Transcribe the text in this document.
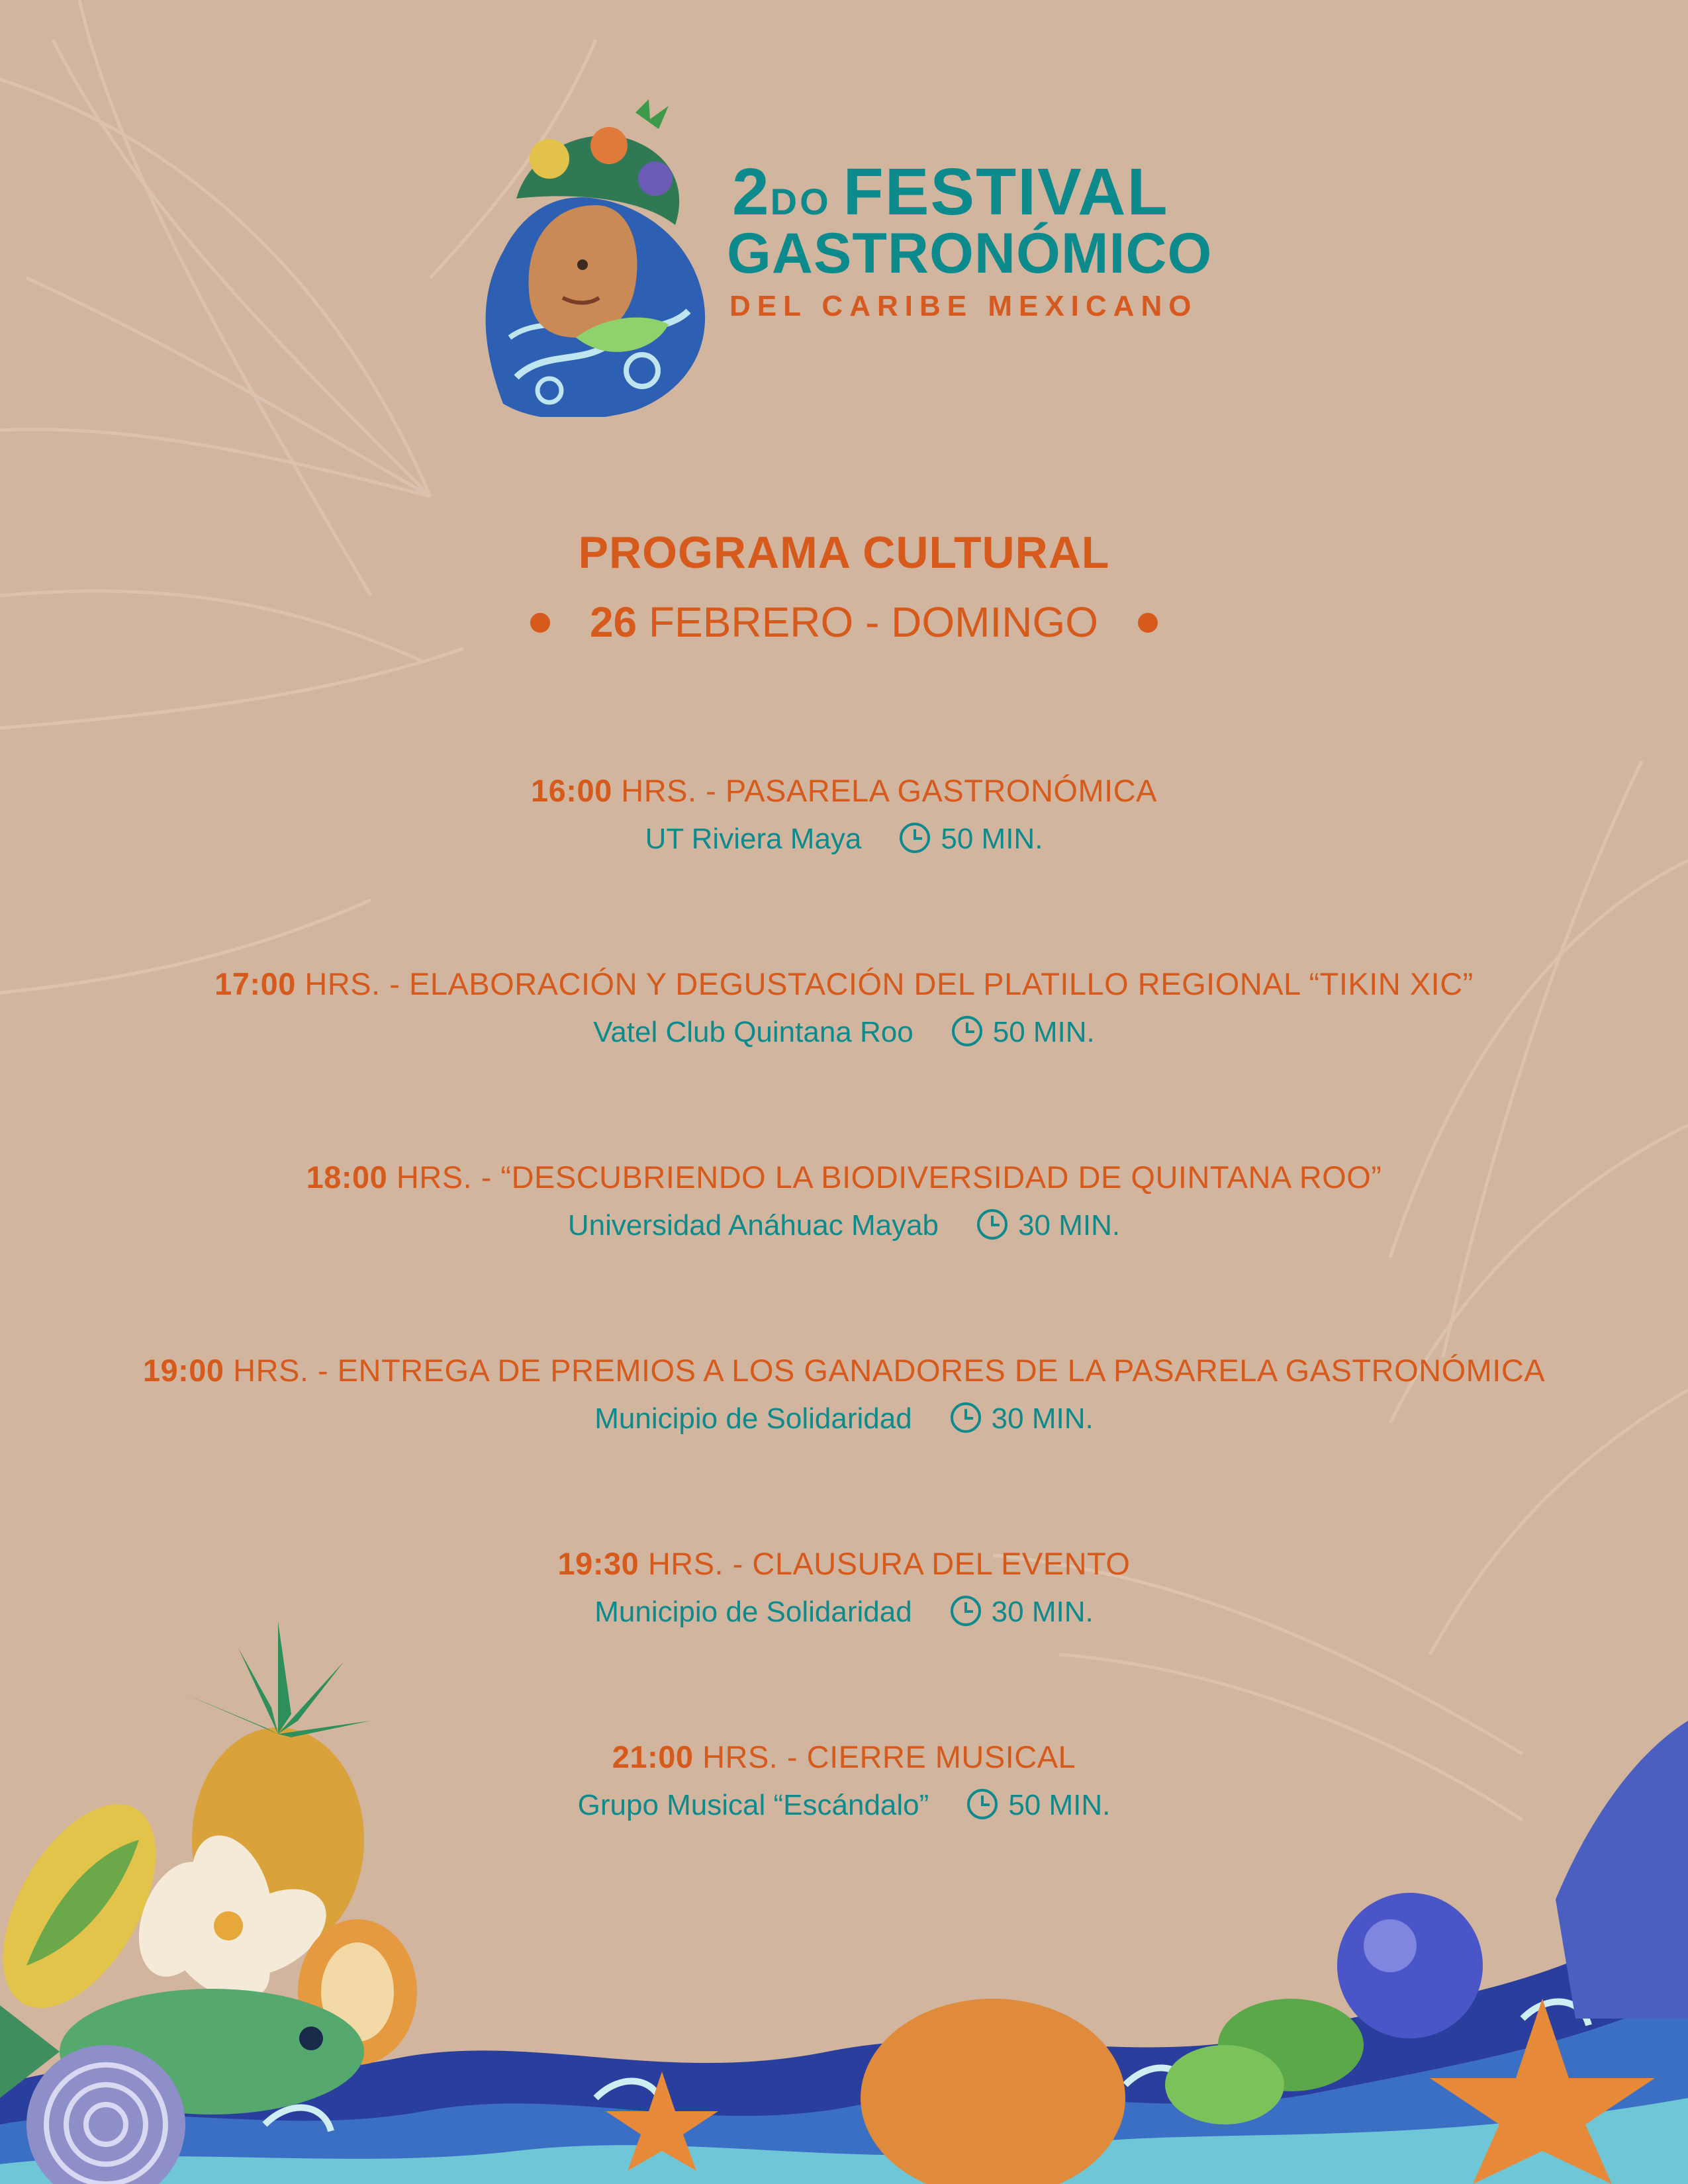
2DO FESTIVAL
GASTRONÓMICO
DEL CARIBE MEXICANO
PROGRAMA CULTURAL
26 FEBRERO - DOMINGO
16:00 HRS. - PASARELA GASTRONÓMICA
UT Riviera Maya	50 MIN.
17:00 HRS. - ELABORACIÓN Y DEGUSTACIÓN DEL PLATILLO REGIONAL “TIKIN XIC”
Vatel Club Quintana Roo	50 MIN.
18:00 HRS. - “DESCUBRIENDO LA BIODIVERSIDAD DE QUINTANA ROO”
Universidad Anáhuac Mayab	30 MIN.
19:00 HRS. - ENTREGA DE PREMIOS A LOS GANADORES DE LA PASARELA GASTRONÓMICA
Municipio de Solidaridad	30 MIN.
19:30 HRS. - CLAUSURA DEL EVENTO
Municipio de Solidaridad	30 MIN.
21:00 HRS. - CIERRE MUSICAL
Grupo Musical “Escándalo”	50 MIN.
